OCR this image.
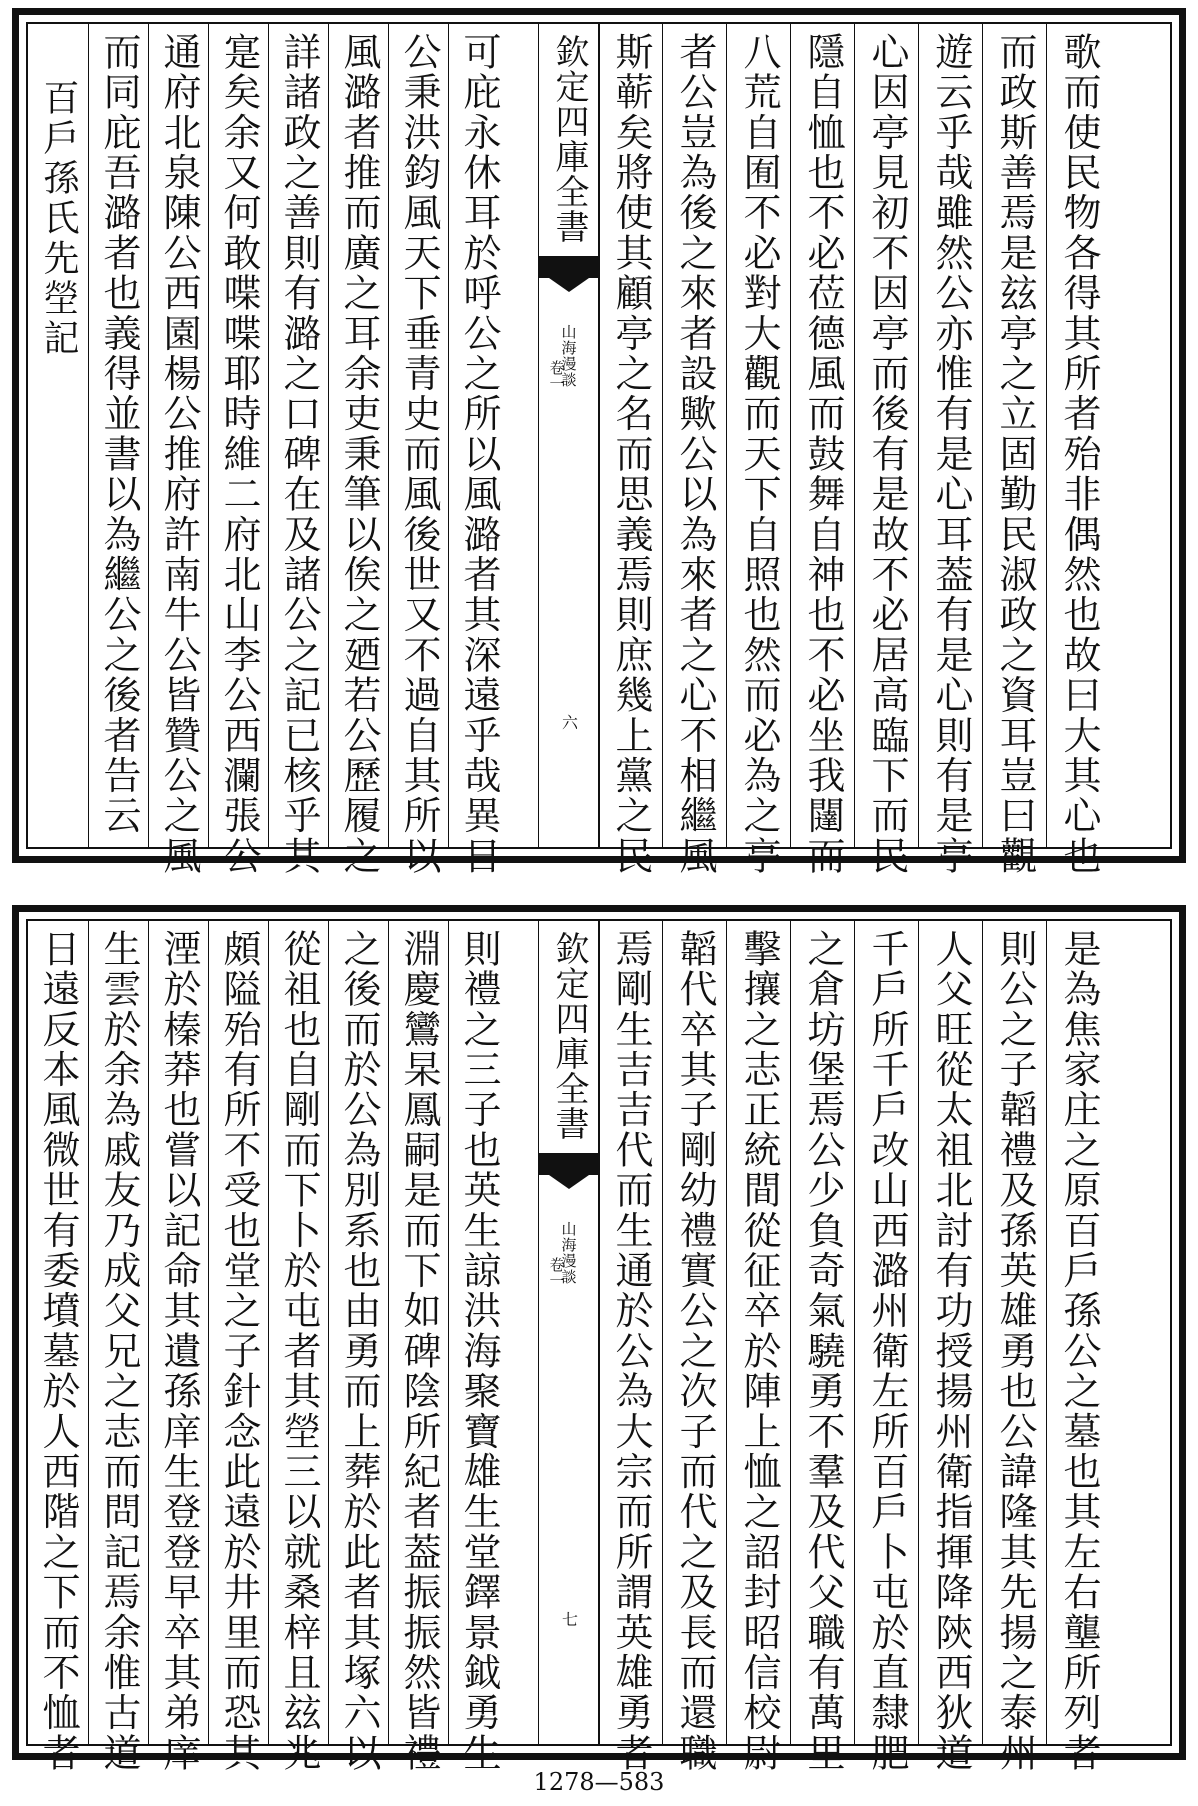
百戶孫氏先塋記 而同庇吾潞者也義得並書以為繼公之後者告云 通府北泉陳公西園楊公推府許南牛公皆贊公之風 寔矣余又何敢喋喋耶時維二府北山李公西瀾張公 詳諸政之善則有潞之口碑在及諸公之記已核乎其 風潞者推而廣之耳余吏秉筆以俟之廼若公歷履之 公秉洪鈞風天下垂青史而風後世又不過自其所以 可庇永休耳於呼公之所以風潞者其深遠乎哉異日 欽定四庫全書
山海漫談
卷一
六 斯蕲矣將使其顧亭之名而思義焉則庶幾上黨之民 者公豈為後之來者設歟公以為來者之心不相繼風 八荒自囿不必對大觀而天下自照也然而必為之亭 隱自恤也不必莅德風而鼓舞自神也不必坐我闥而 心因亭見初不因亭而後有是故不必居高臨下而民 遊云乎哉雖然公亦惟有是心耳葢有是心則有是亭 而政斯善焉是玆亭之立固勤民淑政之資耳豈曰觀 歌而使民物各得其所者殆非偶然也故曰大其心也
日遠反本風微世有委墳墓於人西階之下而不恤者 生雲於余為戚友乃成父兄之志而問記焉余惟古道 湮於榛莽也嘗以記命其遺孫庠生登登早卒其弟庠 頗隘殆有所不受也堂之子針念此遠於井里而恐其 從祖也自剛而下卜於屯者其塋三以就桑梓且玆兆 之後而於公為別系也由勇而上葬於此者其塚六以 淵慶鸞杲鳳嗣是而下如碑陰所紀者葢振振然皆禮 則禮之三子也英生諒洪海聚寶雄生堂鐸景鉞勇生 欽定四庫全書
山海漫談
卷一
七 焉剛生吉吉代而生通於公為大宗而所謂英雄勇者 韜代卒其子剛幼禮實公之次子而代之及長而還職 擊攘之志正統間從征卒於陣上恤之詔封昭信校尉 之倉坊堡焉公少負奇氣驍勇不羣及代父職有萬里 千戶所千戶改山西潞州衛左所百戶卜屯於直隸肥 人父旺從太祖北討有功授揚州衛指揮降陝西狄道 則公之子韜禮及孫英雄勇也公諱隆其先揚之泰州 是為焦家庄之原百戶孫公之墓也其左右壟所列者
1278—583
